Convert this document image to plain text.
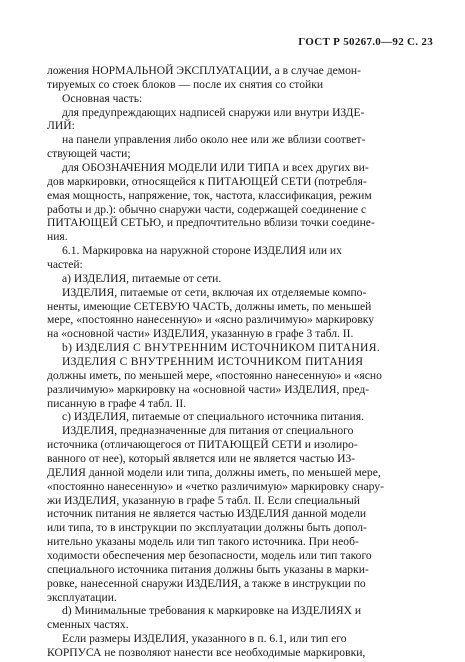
ГОСТ Р 50267.0—92 С. 23

ложения НОРМАЛЬНОЙ ЭКСПЛУАТАЦИИ, а в случае демон-

тируемых со стоек блоков — после их снятия со стойки

Основная часть:

для предупреждающих надписей снаружи или внутри ИЗДЕ-

ЛИЙ:

на панели управления либо около нее или же вблизи соответ-

ствующей части;

для ОБОЗНАЧЕНИЯ МОДЕЛИ ИЛИ ТИПА и всех других ви-

дов маркировки, относящейся к ПИТАЮЩЕЙ СЕТИ (потребля-

емая мощность, напряжение, ток, частота, классификация, режим

работы и др.): обычно снаружи части, содержащей соединение с

ПИТАЮЩЕЙ СЕТЬЮ, и предпочтительно вблизи точки соедине-

ния.

6.1. Маркировка на наружной стороне ИЗДЕЛИЯ или их

частей:

a) ИЗДЕЛИЯ, питаемые от сети.

ИЗДЕЛИЯ, питаемые от сети, включая их отделяемые компо-

ненты, имеющие СЕТЕВУЮ ЧАСТЬ, должны иметь, по меньшей

мере, «постоянно нанесенную» и «ясно различимую» маркировку

на «основной части» ИЗДЕЛИЯ, указанную в графе 3 табл. II.

b) ИЗДЕЛИЯ С ВНУТРЕННИМ ИСТОЧНИКОМ ПИТАНИЯ.

ИЗДЕЛИЯ С ВНУТРЕННИМ ИСТОЧНИКОМ ПИТАНИЯ

должны иметь, по меньшей мере, «постоянно нанесенную» и «ясно

различимую» маркировку на «основной части» ИЗДЕЛИЯ, пред-

писанную в графе 4 табл. II.

c) ИЗДЕЛИЯ, питаемые от специального источника питания.

ИЗДЕЛИЯ, предназначенные для питания от специального

источника (отличающегося от ПИТАЮЩЕЙ СЕТИ и изолиро-

ванного от нее), который является или не является частью ИЗ-

ДЕЛИЯ данной модели или типа, должны иметь, по меньшей мере,

«постоянно нанесенную» и «четко различимую» маркировку снару-

жи ИЗДЕЛИЯ, указанную в графе 5 табл. II. Если специальный

источник питания не является частью ИЗДЕЛИЯ данной модели

или типа, то в инструкции по эксплуатации должны быть допол-

нительно указаны модель или тип такого источника. При необ-

ходимости обеспечения мер безопасности, модель или тип такого

специального источника питания должны быть указаны в марки-

ровке, нанесенной снаружи ИЗДЕЛИЯ, а также в инструкции по

эксплуатации.

d) Минимальные требования к маркировке на ИЗДЕЛИЯХ и

сменных частях.

Если размеры ИЗДЕЛИЯ, указанного в п. 6.1, или тип его

КОРПУСА не позволяют нанести все необходимые маркировки,
